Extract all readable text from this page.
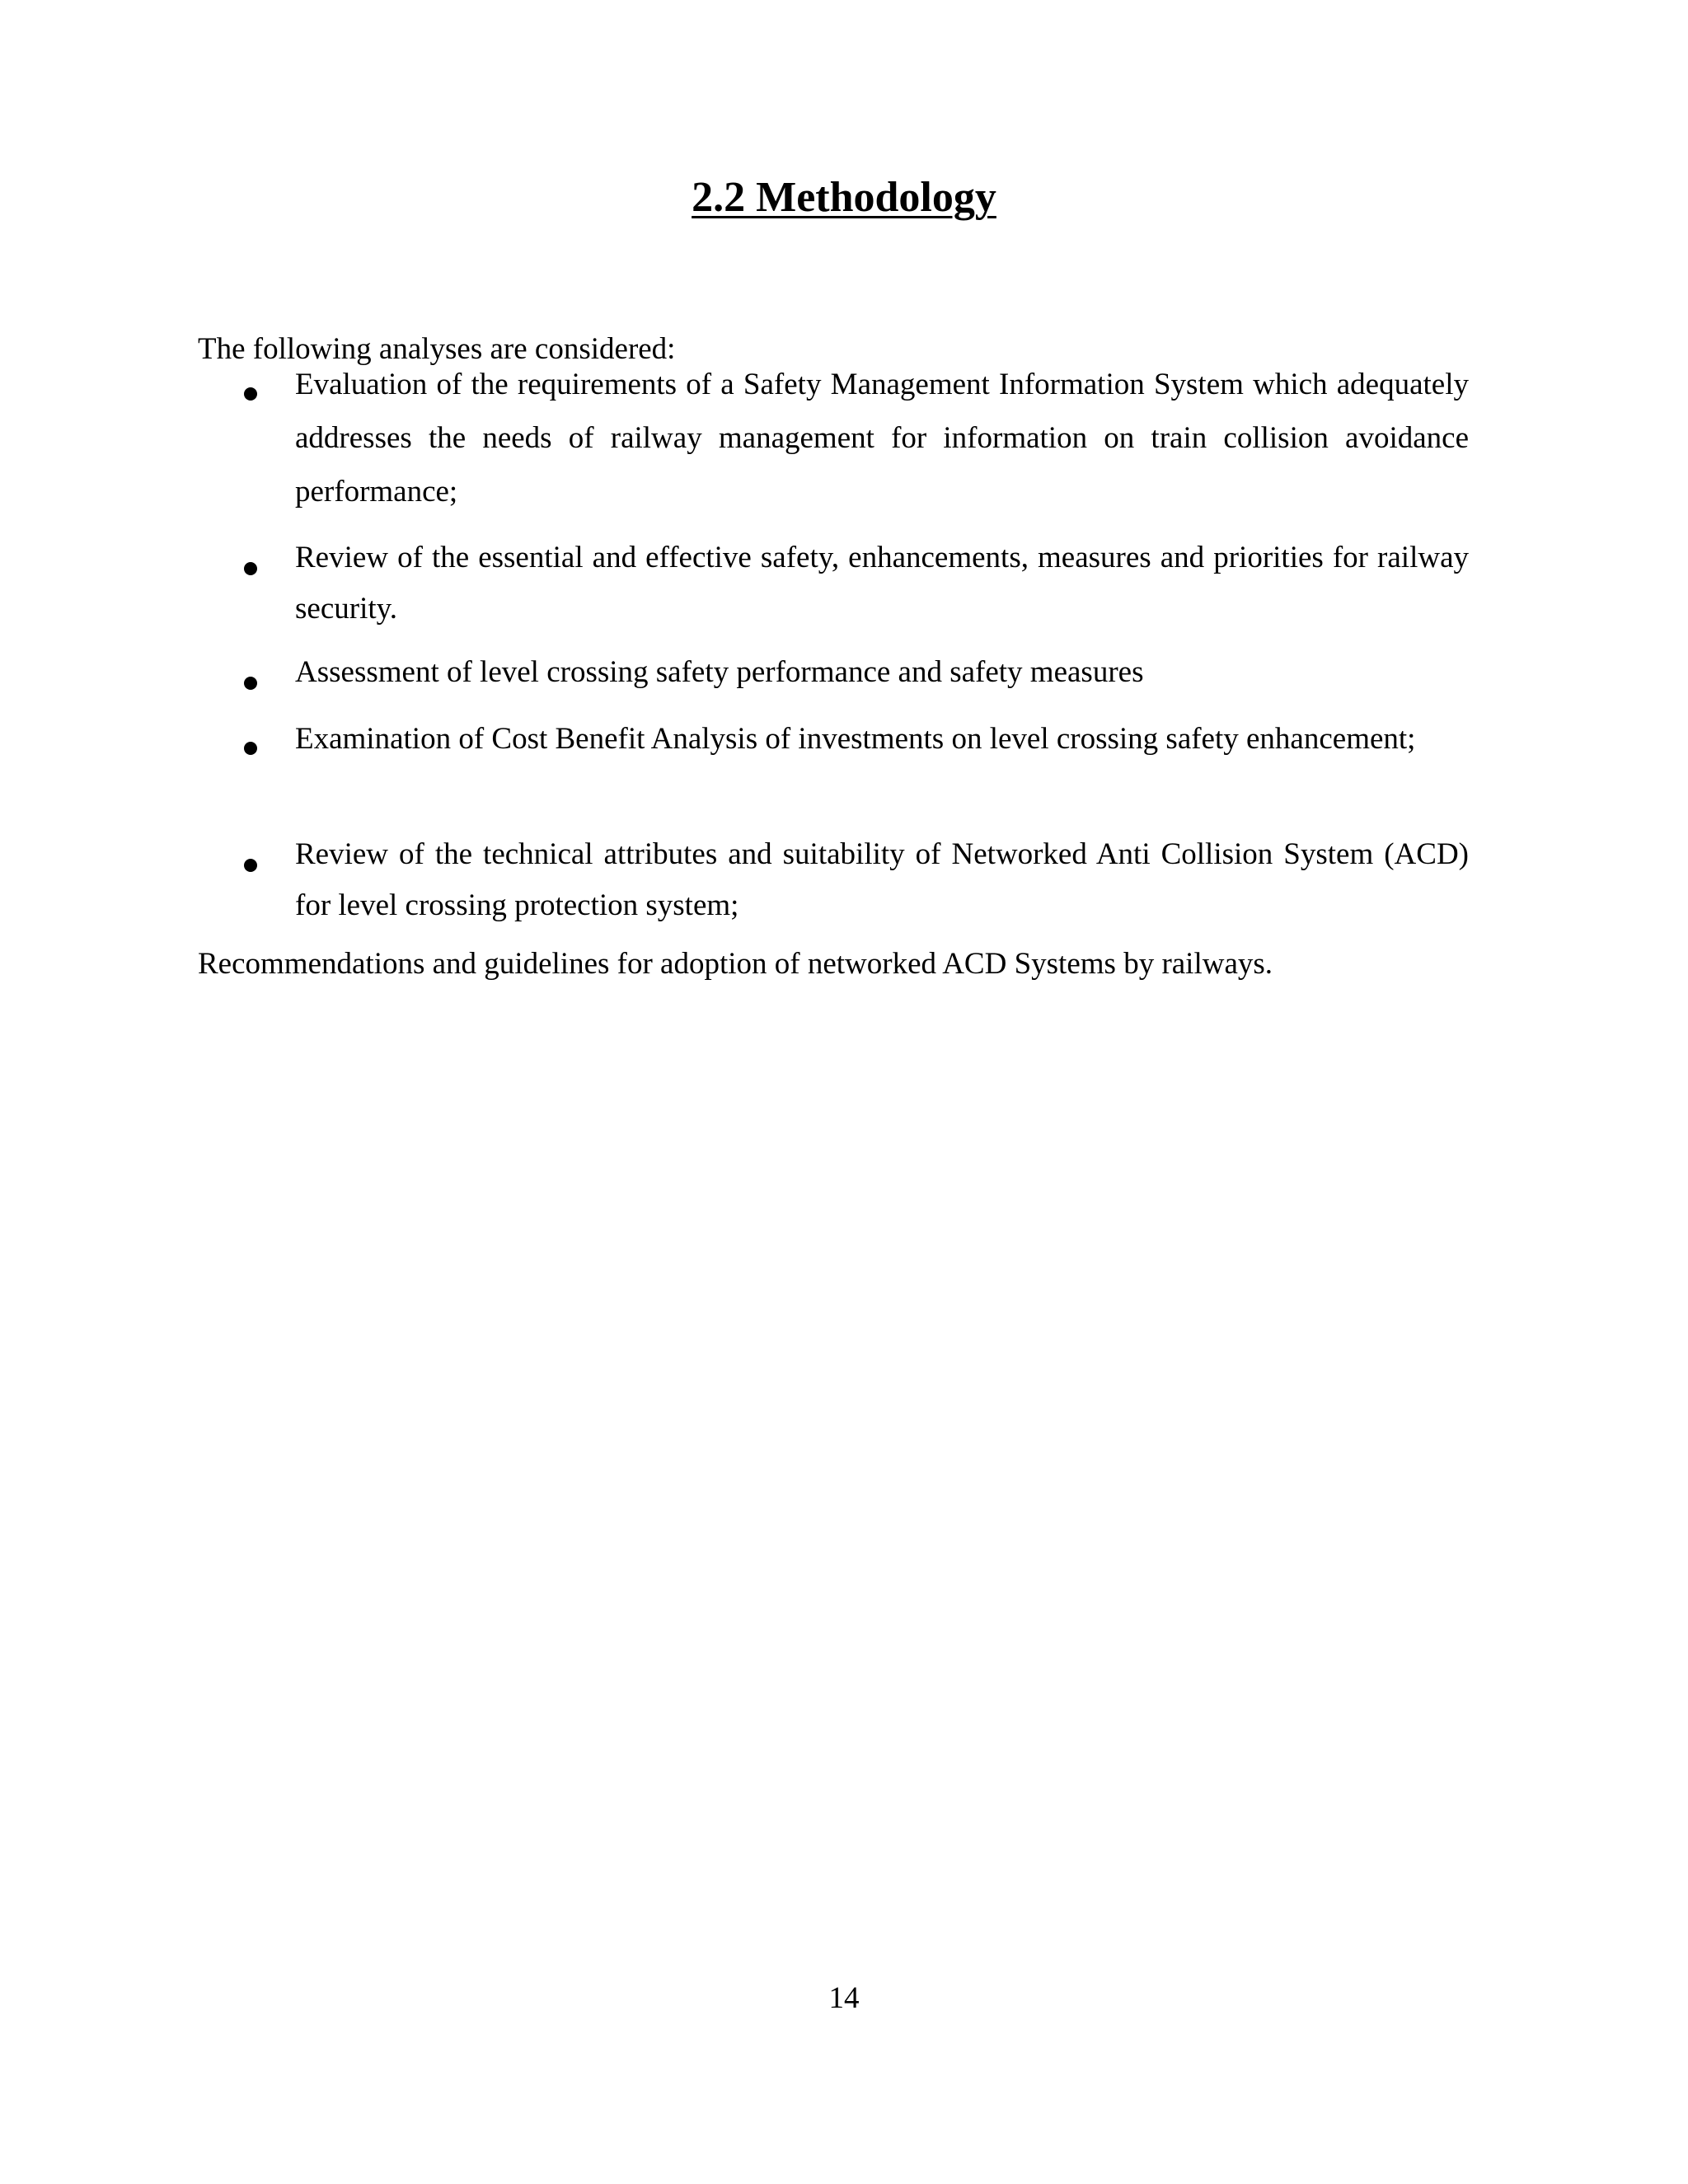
2.2 Methodology
The following analyses are considered:
Evaluation of the requirements of a Safety Management Information System which adequately addresses the needs of railway management for information on train collision avoidance performance;
Review of the essential and effective safety, enhancements, measures and priorities for railway security.
Assessment of level crossing safety performance and safety measures
Examination of Cost Benefit Analysis of investments on level crossing safety enhancement;
Review of the technical attributes and suitability of Networked Anti Collision System (ACD) for level crossing protection system;
Recommendations and guidelines for adoption of networked ACD Systems by railways.
14
